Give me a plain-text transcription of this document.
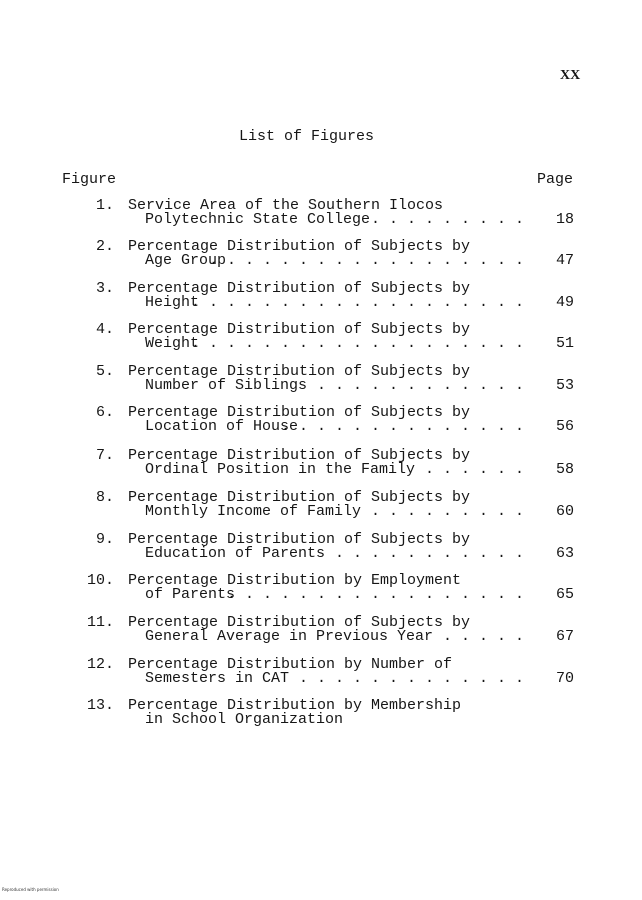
XX
List of Figures
Figure	Page
1. Service Area of the Southern Ilocos
Polytechnic State College . . . . . . . . .	18
2. Percentage Distribution of Subjects by
Age Group
. . . . . . . . . . . . . . . . . .	47
3. Percentage Distribution of Subjects by
Height
. . . . . . . . . . . . . . . . . . .	49
4. Percentage Distribution of Subjects by
Weight
. . . . . . . . . . . . . . . . . . .	51
5. Percentage Distribution of Subjects by
Number of Siblings . . . . . . . . . . . .	53
6. Percentage Distribution of Subjects by
Location of House
. . . . . . . . . . . . . .	56
7. Percentage Distribution of Subjects by
Ordinal Position in the Family . . . . . .	58
8. Percentage Distribution of Subjects by
Monthly Income of Family . . . . . . . . .	60
9. Percentage Distribution of Subjects by
Education of Parents . . . . . . . . . . .	63
10. Percentage Distribution by Employment
of Parents
. . . . . . . . . . . . . . . . .	65
11. Percentage Distribution of Subjects by
General Average in Previous Year . . . . .	67
12. Percentage Distribution by Number of
Semesters in CAT . . . . . . . . . . . . .	70
13. Percentage Distribution by Membership
in School Organization
Reproduced with permission
